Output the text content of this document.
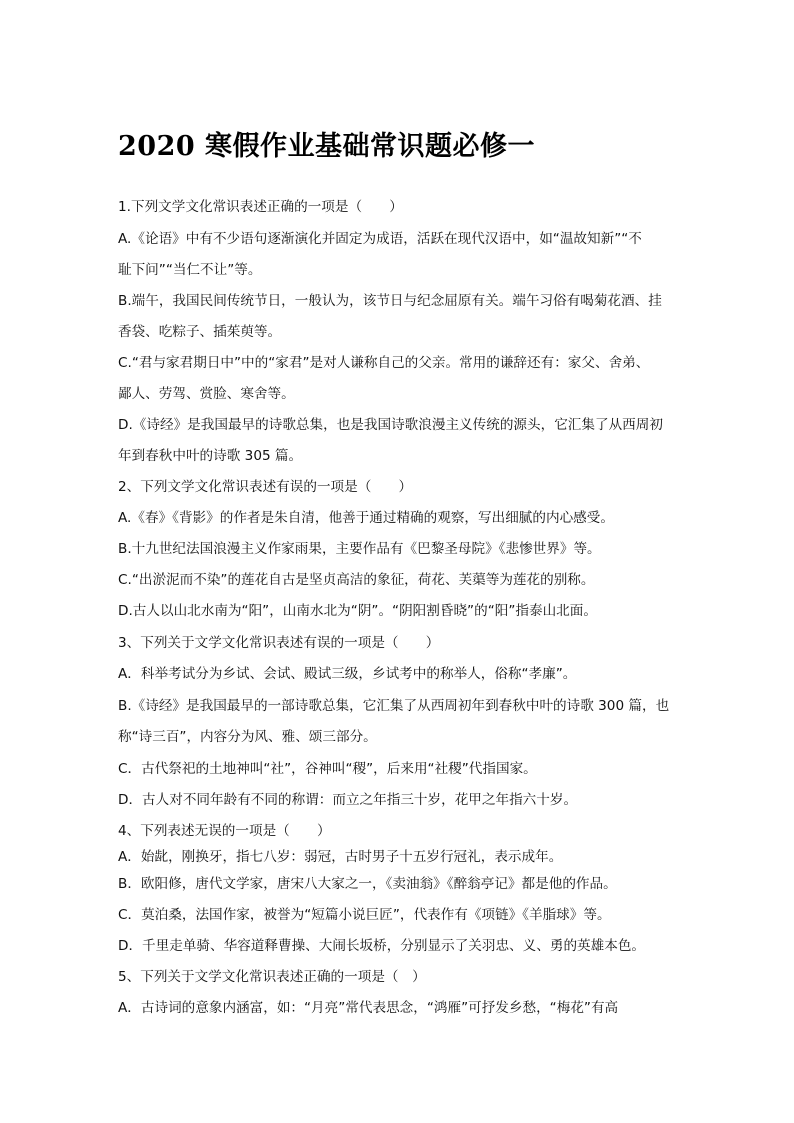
2020 寒假作业基础常识题必修一

1.下列文学文化常识表述正确的一项是（　　）

A.《论语》中有不少语句逐渐演化并固定为成语，活跃在现代汉语中，如“温故知新”“不

耻下问”“当仁不让”等。

B.端午，我国民间传统节日，一般认为，该节日与纪念屈原有关。端午习俗有喝菊花酒、挂

香袋、吃粽子、插茱萸等。

C.“君与家君期日中”中的“家君”是对人谦称自己的父亲。常用的谦辞还有：家父、舍弟、

鄙人、劳驾、赏脸、寒舍等。

D.《诗经》是我国最早的诗歌总集，也是我国诗歌浪漫主义传统的源头，它汇集了从西周初

年到春秋中叶的诗歌 305 篇。

2、下列文学文化常识表述有误的一项是（　　）

A.《春》《背影》的作者是朱自清，他善于通过精确的观察，写出细腻的内心感受。

B.十九世纪法国浪漫主义作家雨果，主要作品有《巴黎圣母院》《悲惨世界》等。

C.“出淤泥而不染”的莲花自古是坚贞高洁的象征，荷花、芙蕖等为莲花的别称。

D.古人以山北水南为“阳”，山南水北为“阴”。“阴阳割昏晓”的“阳”指泰山北面。

3、下列关于文学文化常识表述有误的一项是（　　）

A．科举考试分为乡试、会试、殿试三级，乡试考中的称举人，俗称“孝廉”。

B.《诗经》是我国最早的一部诗歌总集，它汇集了从西周初年到春秋中叶的诗歌 300 篇，也

称“诗三百”，内容分为风、雅、颂三部分。

C．古代祭祀的土地神叫“社”，谷神叫“稷”，后来用“社稷”代指国家。

D．古人对不同年龄有不同的称谓：而立之年指三十岁，花甲之年指六十岁。

4、下列表述无误的一项是（　　）

A．始龀，刚换牙，指七八岁：弱冠，古时男子十五岁行冠礼，表示成年。

B．欧阳修，唐代文学家，唐宋八大家之一，《卖油翁》《醉翁亭记》都是他的作品。

C．莫泊桑，法国作家，被誉为“短篇小说巨匠”，代表作有《项链》《羊脂球》等。

D．千里走单骑、华容道释曹操、大闹长坂桥，分别显示了关羽忠、义、勇的英雄本色。

5、下列关于文学文化常识表述正确的一项是（　）

A．古诗词的意象内涵富，如：“月亮”常代表思念，“鸿雁”可抒发乡愁，“梅花”有高
